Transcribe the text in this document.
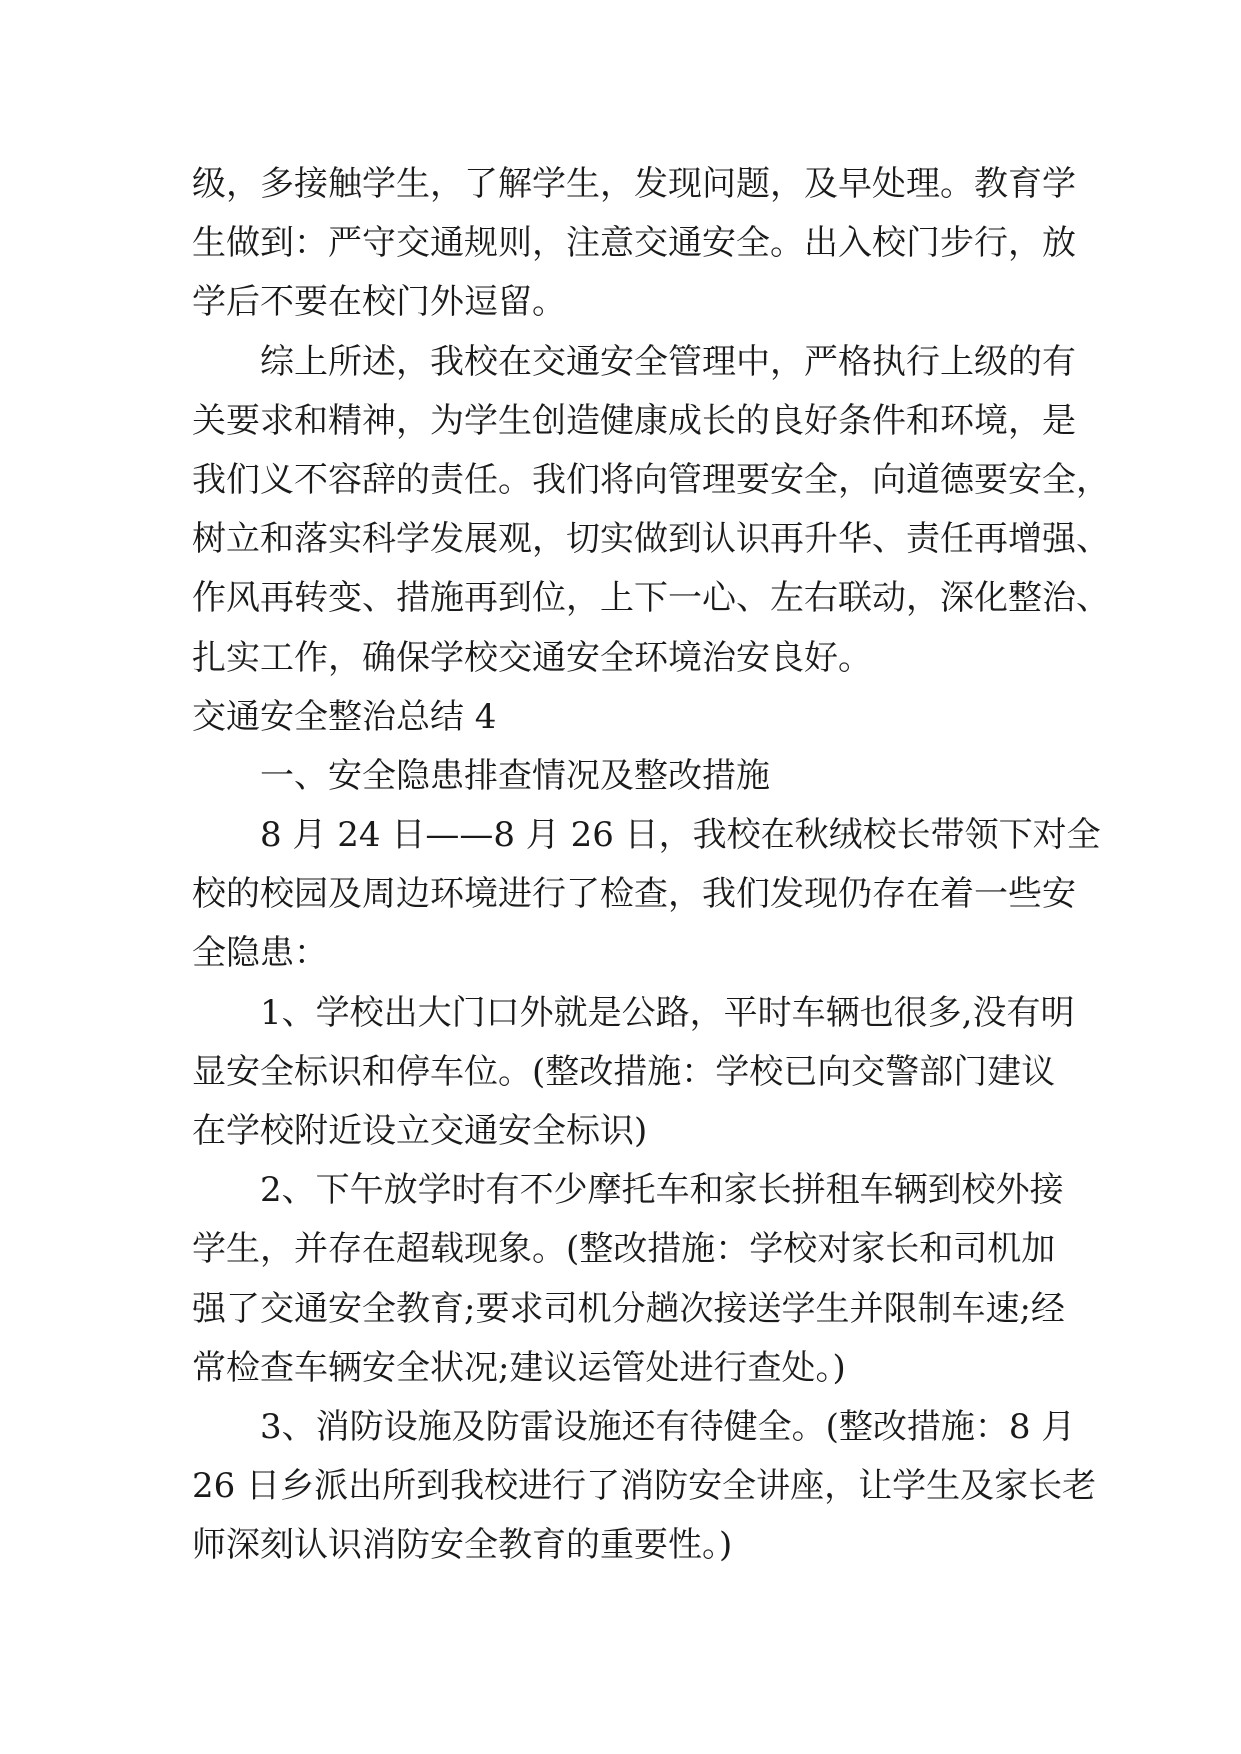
级，多接触学生，了解学生，发现问题，及早处理。教育学

生做到：严守交通规则，注意交通安全。出入校门步行，放

学后不要在校门外逗留。

综上所述，我校在交通安全管理中，严格执行上级的有

关要求和精神，为学生创造健康成长的良好条件和环境，是

我们义不容辞的责任。我们将向管理要安全，向道德要安全，

树立和落实科学发展观，切实做到认识再升华、责任再增强、

作风再转变、措施再到位，上下一心、左右联动，深化整治、

扎实工作，确保学校交通安全环境治安良好。

交通安全整治总结 4

一、安全隐患排查情况及整改措施

8 月 24 日——8 月 26 日，我校在秋绒校长带领下对全

校的校园及周边环境进行了检查，我们发现仍存在着一些安

全隐患：

1、学校出大门口外就是公路，平时车辆也很多,没有明

显安全标识和停车位。(整改措施：学校已向交警部门建议

在学校附近设立交通安全标识)

2、下午放学时有不少摩托车和家长拼租车辆到校外接

学生，并存在超载现象。(整改措施：学校对家长和司机加

强了交通安全教育;要求司机分趟次接送学生并限制车速;经

常检查车辆安全状况;建议运管处进行查处。)

3、消防设施及防雷设施还有待健全。(整改措施：8 月

26 日乡派出所到我校进行了消防安全讲座，让学生及家长老

师深刻认识消防安全教育的重要性。)
